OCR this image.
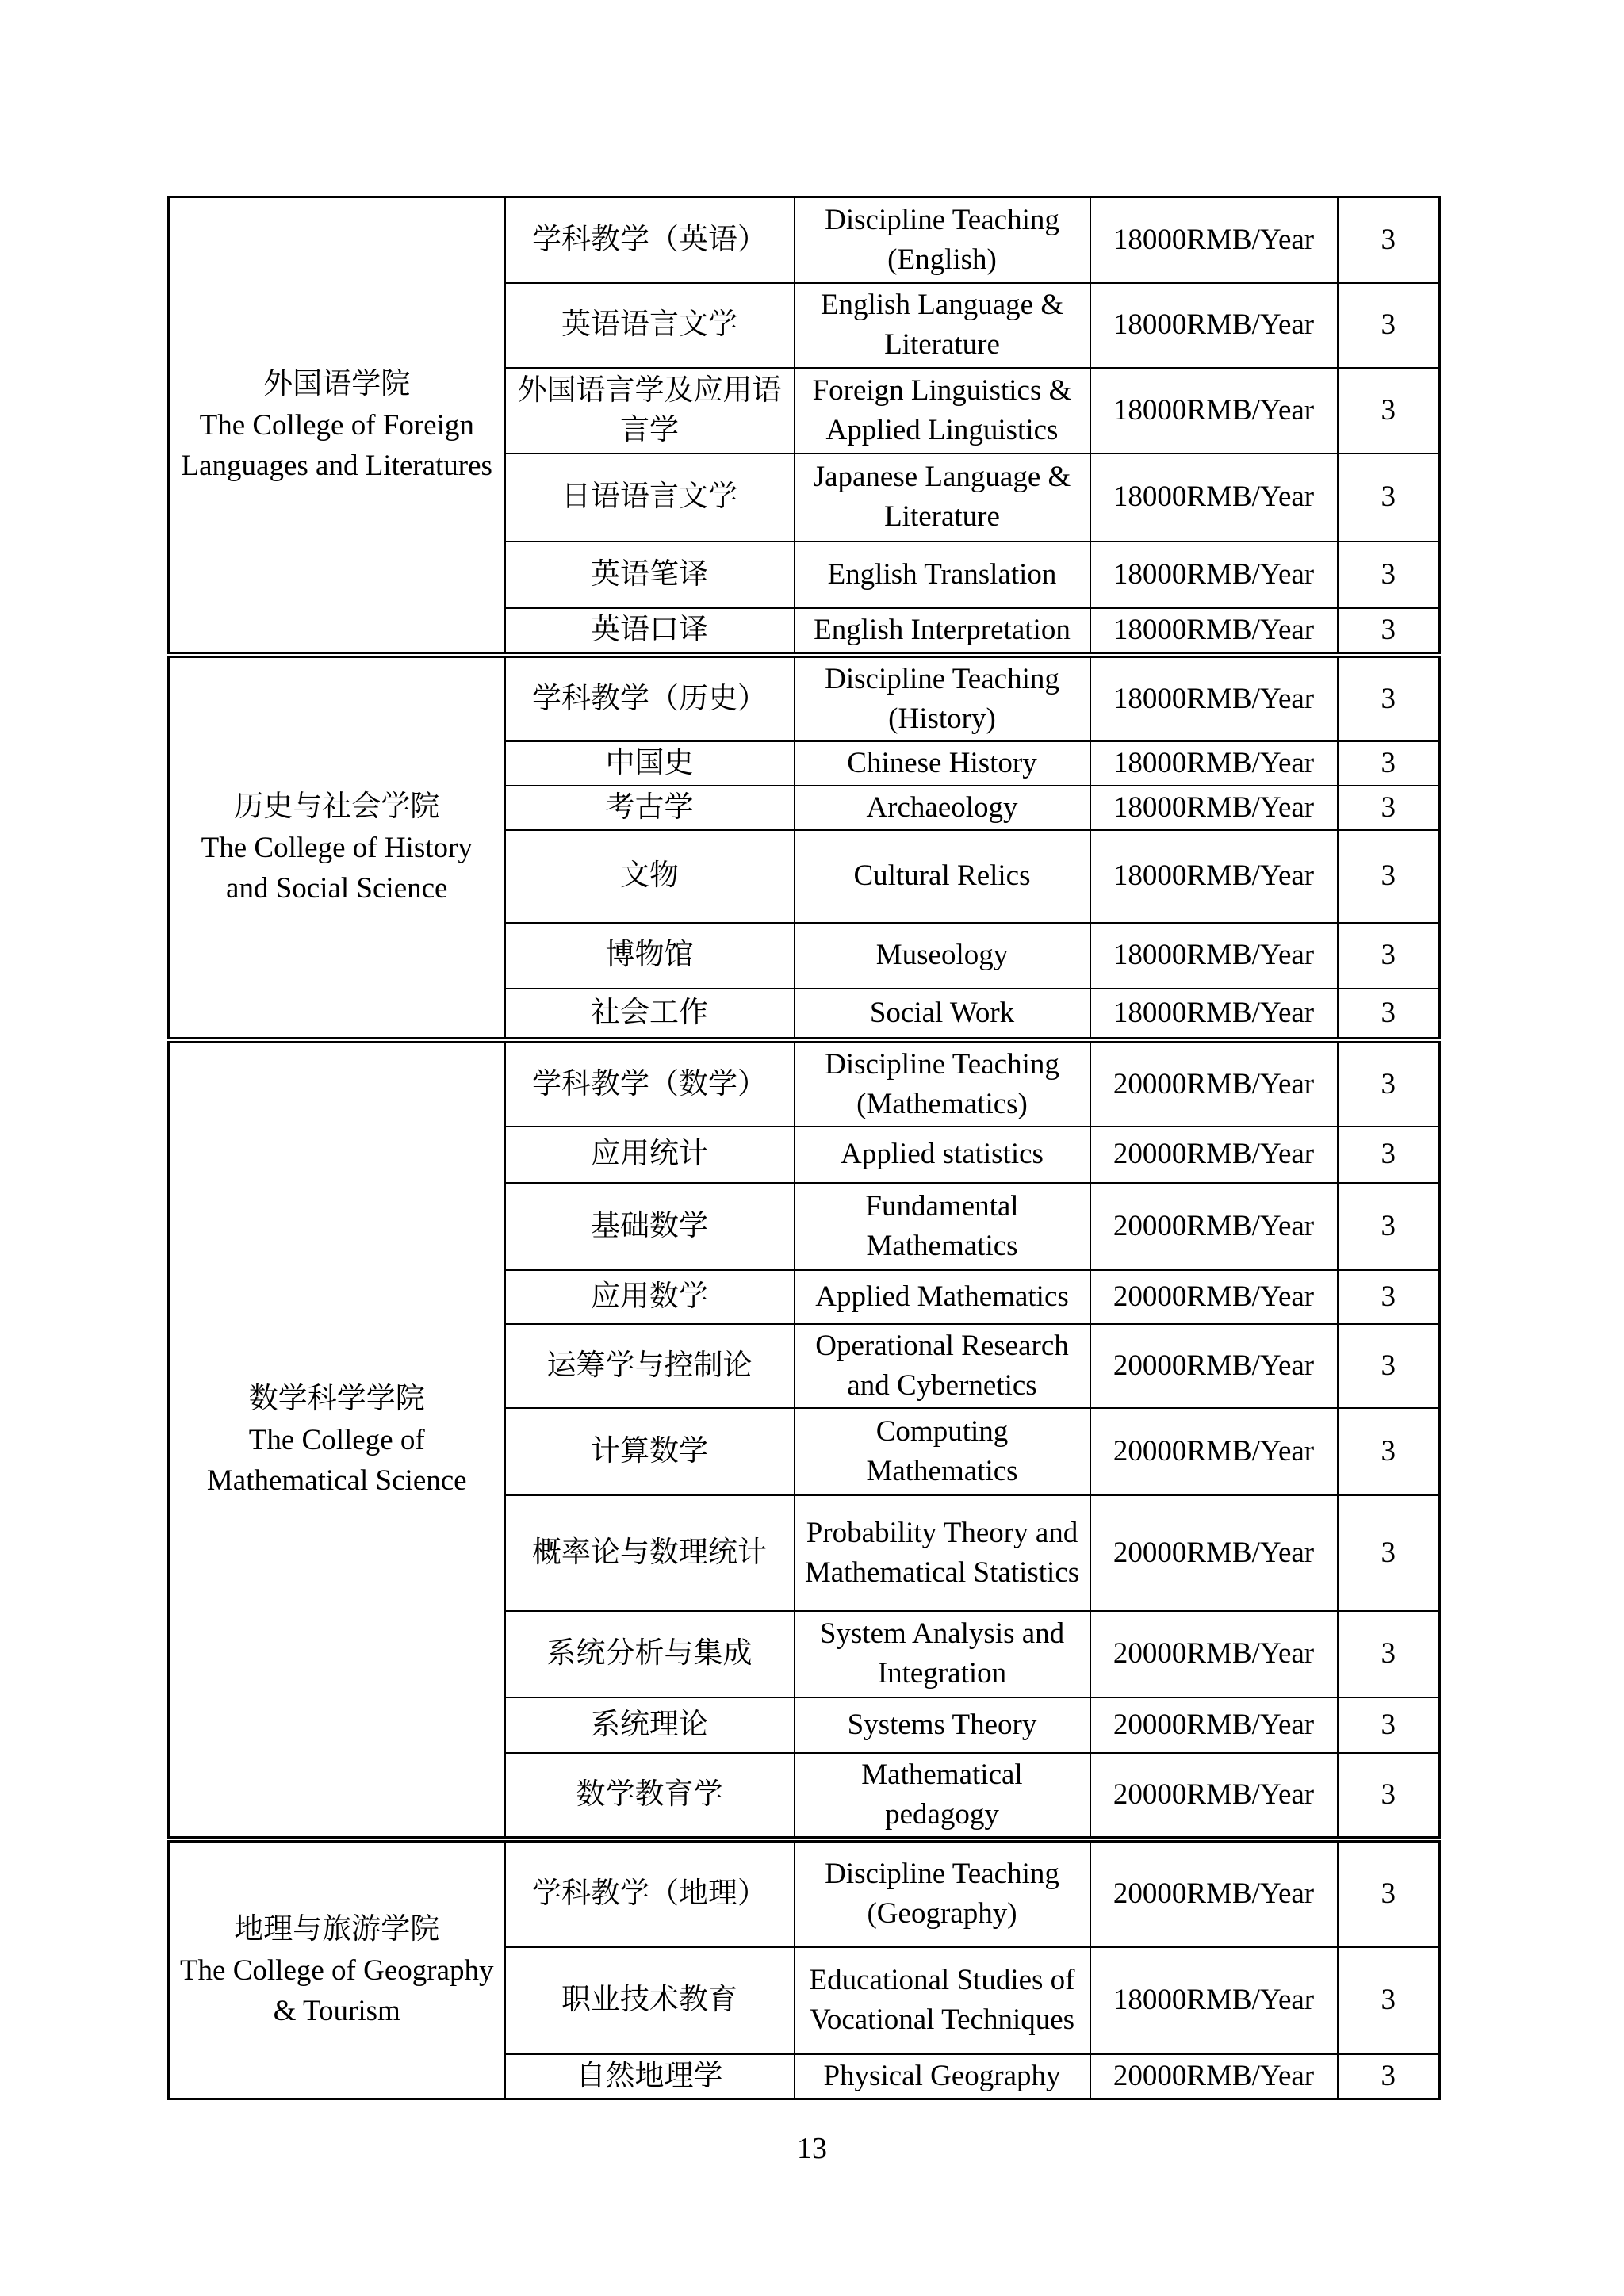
外国语学院
The College of Foreign
Languages and Literatures	学科教学（英语）	Discipline Teaching (English)	18000RMB/Year	3
	英语语言文学	English Language & Literature	18000RMB/Year	3
	外国语言学及应用语言学	Foreign Linguistics & Applied Linguistics	18000RMB/Year	3
	日语语言文学	Japanese Language & Literature	18000RMB/Year	3
	英语笔译	English Translation	18000RMB/Year	3
	英语口译	English Interpretation	18000RMB/Year	3

历史与社会学院
The College of History
and Social Science	学科教学（历史）	Discipline Teaching (History)	18000RMB/Year	3
	中国史	Chinese History	18000RMB/Year	3
	考古学	Archaeology	18000RMB/Year	3
	文物	Cultural Relics	18000RMB/Year	3
	博物馆	Museology	18000RMB/Year	3
	社会工作	Social Work	18000RMB/Year	3

数学科学学院
The College of
Mathematical Science	学科教学（数学）	Discipline Teaching (Mathematics)	20000RMB/Year	3
	应用统计	Applied statistics	20000RMB/Year	3
	基础数学	Fundamental Mathematics	20000RMB/Year	3
	应用数学	Applied Mathematics	20000RMB/Year	3
	运筹学与控制论	Operational Research and Cybernetics	20000RMB/Year	3
	计算数学	Computing Mathematics	20000RMB/Year	3
	概率论与数理统计	Probability Theory and Mathematical Statistics	20000RMB/Year	3
	系统分析与集成	System Analysis and Integration	20000RMB/Year	3
	系统理论	Systems Theory	20000RMB/Year	3
	数学教育学	Mathematical pedagogy	20000RMB/Year	3

地理与旅游学院
The College of Geography
& Tourism	学科教学（地理）	Discipline Teaching (Geography)	20000RMB/Year	3
	职业技术教育	Educational Studies of Vocational Techniques	18000RMB/Year	3
	自然地理学	Physical Geography	20000RMB/Year	3
13
